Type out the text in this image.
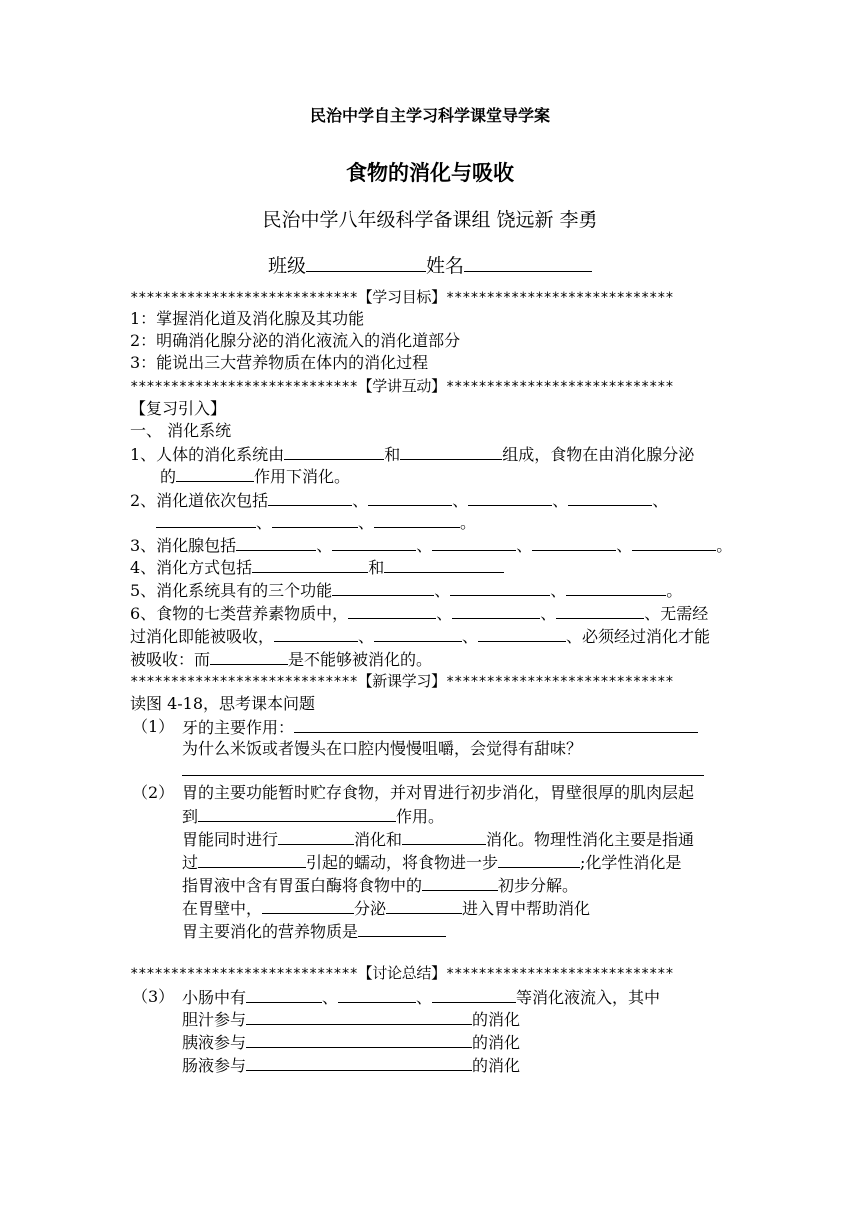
民治中学自主学习科学课堂导学案
食物的消化与吸收
民治中学八年级科学备课组 饶远新 李勇
班级	姓名
****************************【学习目标】****************************
1：掌握消化道及消化腺及其功能
2：明确消化腺分泌的消化液流入的消化道部分
3：能说出三大营养物质在体内的消化过程
****************************【学讲互动】****************************
【复习引入】
一、 消化系统
1、人体的消化系统由	和	组成，食物在由消化腺分泌
的	作用下消化。
2、消化道依次包括	、	、	、	、
、	、	。
3、消化腺包括	、	、	、	、	。
4、消化方式包括	和
5、消化系统具有的三个功能	、	、	。
6、食物的七类营养素物质中，	、	、	、无需经
过消化即能被吸收，	、	、	、必须经过消化才能
被吸收：而	是不能够被消化的。
****************************【新课学习】****************************
读图 4-18，思考课本问题
（1） 牙的主要作用：
为什么米饭或者馒头在口腔内慢慢咀嚼，会觉得有甜味？
（2） 胃的主要功能暂时贮存食物，并对胃进行初步消化，胃壁很厚的肌肉层起
到	作用。
胃能同时进行	消化和	消化。物理性消化主要是指通
过	引起的蠕动，将食物进一步	;化学性消化是
指胃液中含有胃蛋白酶将食物中的	初步分解。
在胃壁中，	分泌	进入胃中帮助消化
胃主要消化的营养物质是
****************************【讨论总结】****************************
（3） 小肠中有	、	、	等消化液流入，其中
胆汁参与	的消化
胰液参与	的消化
肠液参与	的消化
